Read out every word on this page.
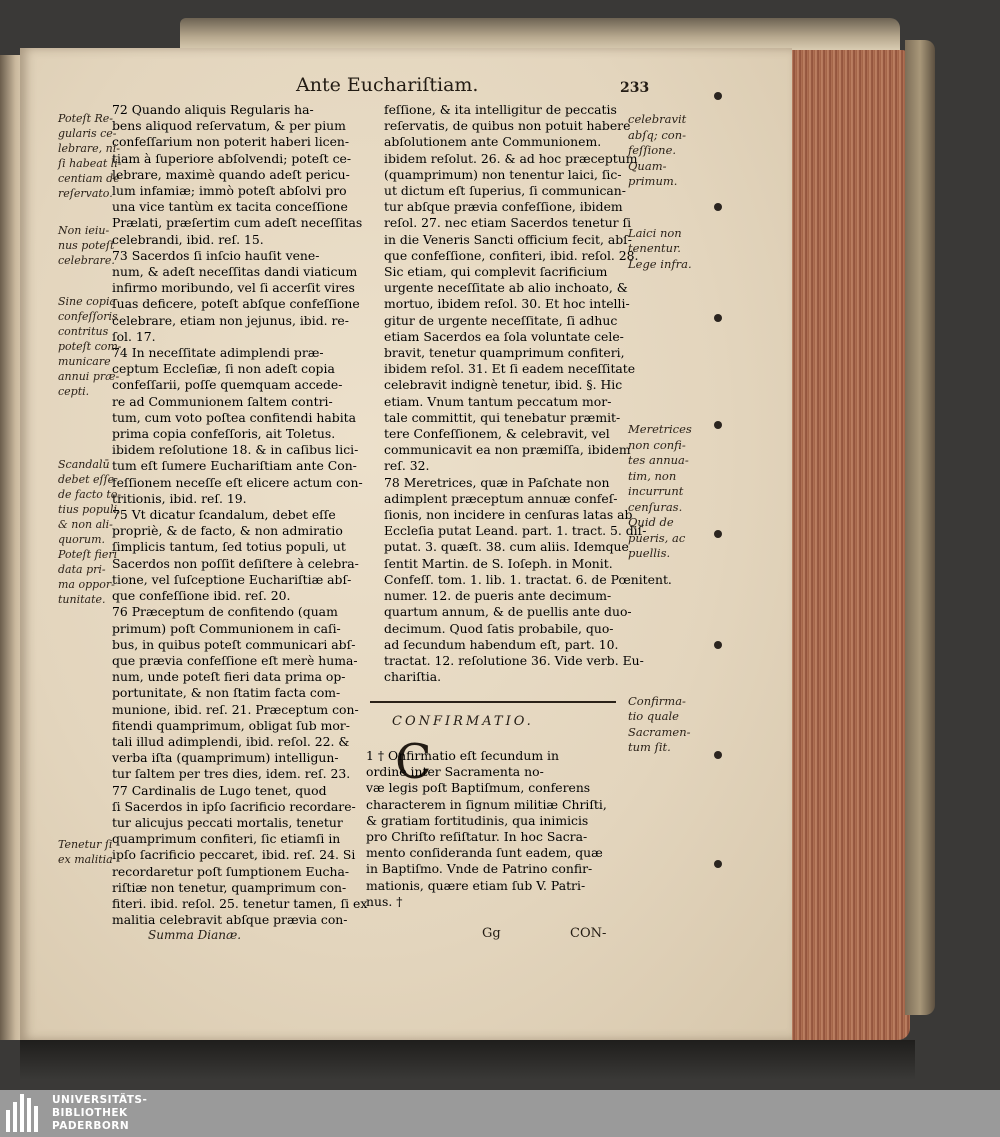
Ante Euchariſtiam.	233
72 Quando aliquis Regularis ha-
bens aliquod reſervatum, & per pium
confeſſarium non poterit haberi licen-
tiam à ſuperiore abſolvendi; poteſt ce-
lebrare, maximè quando adeſt pericu-
lum infamiæ; immò poteſt abſolvi pro
una vice tantùm ex tacita conceſſione
Prælati, præſertim cum adeſt neceſſitas
celebrandi, ibid. reſ. 15.
73 Sacerdos ſi inſcio hauſit vene-
num, & adeſt neceſſitas dandi viaticum
infirmo moribundo, vel ſi accerſit vires
ſuas deficere, poteſt abſque confeſſione
celebrare, etiam non jejunus, ibid. re-
ſol. 17.
74 In neceſſitate adimplendi præ-
ceptum Eccleſiæ, ſi non adeſt copia
confeſſarii, poſſe quemquam accede-
re ad Communionem ſaltem contri-
tum, cum voto poſtea confitendi habita
prima copia confeſſoris, ait Toletus.
ibidem reſolutione 18. & in caſibus lici-
tum eſt ſumere Euchariſtiam ante Con-
feſſionem neceſſe eſt elicere actum con-
tritionis, ibid. reſ. 19.
75 Vt dicatur ſcandalum, debet eſſe
propriè, & de facto, & non admiratio
ſimplicis tantum, ſed totius populi, ut
Sacerdos non poſſit deſiſtere à celebra-
tione, vel ſuſceptione Euchariſtiæ abſ-
que confeſſione ibid. reſ. 20.
76 Præceptum de confitendo (quam
primum) poſt Communionem in caſi-
bus, in quibus poteſt communicari abſ-
que prævia confeſſione eſt merè huma-
num, unde poteſt fieri data prima op-
portunitate, & non ſtatim facta com-
munione, ibid. reſ. 21. Præceptum con-
fitendi quamprimum, obligat ſub mor-
tali illud adimplendi, ibid. reſol. 22. &
verba iſta (quamprimum) intelligun-
tur ſaltem per tres dies, idem. reſ. 23.
77 Cardinalis de Lugo tenet, quod
ſi Sacerdos in ipſo ſacrificio recordare-
tur alicujus peccati mortalis, tenetur
quamprimum confiteri, ſic etiamſi in
ipſo ſacrificio peccaret, ibid. reſ. 24. Si
recordaretur poſt ſumptionem Eucha-
riſtiæ non tenetur, quamprimum con-
fiteri. ibid. reſol. 25. tenetur tamen, ſi ex
malitia celebravit abſque prævia con-
Poteſt Re-
gularis ce-
lebrare, ni-
ſi habeat li-
centiam de
reſervato.
Non ieiu-
nus poteſt
celebrare.
Sine copia
confeſſoris
contritus
poteſt com-
municare
annui præ-
cepti.
Scandalū
debet eſſe
de facto to-
tius populi,
& non ali-
quorum.
Poteſt fieri
data pri-
ma oppor-
tunitate.
Tenetur ſi
ex malitia
feſſione, & ita intelligitur de peccatis
reſervatis, de quibus non potuit habere
abſolutionem ante Communionem.
ibidem reſolut. 26. & ad hoc præceptum
(quamprimum) non tenentur laici, ſic-
ut dictum eſt ſuperius, ſi communican-
tur abſque prævia confeſſione, ibidem
reſol. 27. nec etiam Sacerdos tenetur ſi
in die Veneris Sancti officium fecit, abſ-
que confeſſione, confiteri, ibid. reſol. 28.
Sic etiam, qui complevit ſacrificium
urgente neceſſitate ab alio inchoato, &
mortuo, ibidem reſol. 30. Et hoc intelli-
gitur de urgente neceſſitate, ſi adhuc
etiam Sacerdos ea ſola voluntate cele-
bravit, tenetur quamprimum confiteri,
ibidem reſol. 31. Et ſi eadem neceſſitate
celebravit indignè tenetur, ibid. §. Hic
etiam. Vnum tantum peccatum mor-
tale committit, qui tenebatur præmit-
tere Confeſſionem, & celebravit, vel
communicavit ea non præmiſſa, ibidem
reſ. 32.
78 Meretrices, quæ in Paſchate non
adimplent præceptum annuæ confeſ-
ſionis, non incidere in cenſuras latas ab
Eccleſia putat Leand. part. 1. tract. 5. diſ-
putat. 3. quæſt. 38. cum aliis. Idemque
ſentit Martin. de S. Ioſeph. in Monit.
Confeſſ. tom. 1. lib. 1. tractat. 6. de Pœnitent.
numer. 12. de pueris ante decimum-
quartum annum, & de puellis ante duo-
decimum. Quod ſatis probabile, quo-
ad ſecundum habendum eſt, part. 10.
tractat. 12. reſolutione 36. Vide verb. Eu-
chariſtia.
celebravit
abſq; con-
feſſione.
Quam-
primum.
Laici non
tenentur.
Lege infra.
Meretrices
non confi-
tes annua-
tim, non
incurrunt
cenſuras.
Quid de
pueris, ac
puellis.
Confirma-
tio quale
Sacramen-
tum ſit.
CONFIRMATIO.
C
1 † Onfirmatio eſt ſecundum in
ordine inter Sacramenta no-
væ legis poſt Baptiſmum, conferens
characterem in ſignum militiæ Chriſti,
& gratiam fortitudinis, qua inimicis
pro Chriſto reſiſtatur. In hoc Sacra-
mento conſideranda ſunt eadem, quæ
in Baptiſmo. Vnde de Patrino confir-
mationis, quære etiam ſub V. Patri-
nus. †
Summa Dianæ.	Gg	CON-
UNIVERSITÄTS-
BIBLIOTHEK
PADERBORN
